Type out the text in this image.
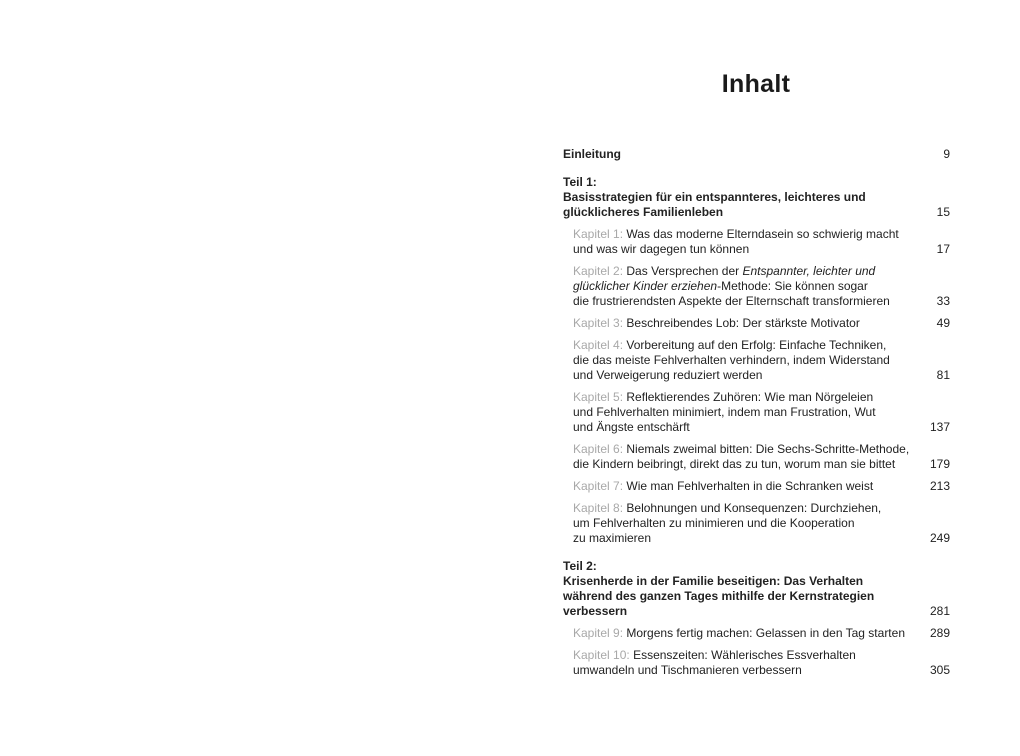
Inhalt
Einleitung	9
Teil 1:
Basisstrategien für ein entspannteres, leichteres und
glücklicheres Familienleben	15
Kapitel 1: Was das moderne Elterndasein so schwierig macht
und was wir dagegen tun können	17
Kapitel 2: Das Versprechen der Entspannter, leichter und
glücklicher Kinder erziehen-Methode: Sie können sogar
die frustrierendsten Aspekte der Elternschaft transformieren	33
Kapitel 3: Beschreibendes Lob: Der stärkste Motivator	49
Kapitel 4: Vorbereitung auf den Erfolg: Einfache Techniken,
die das meiste Fehlverhalten verhindern, indem Widerstand
und Verweigerung reduziert werden	81
Kapitel 5: Reflektierendes Zuhören: Wie man Nörgeleien
und Fehlverhalten minimiert, indem man Frustration, Wut
und Ängste entschärft	137
Kapitel 6: Niemals zweimal bitten: Die Sechs-Schritte-Methode,
die Kindern beibringt, direkt das zu tun, worum man sie bittet	179
Kapitel 7: Wie man Fehlverhalten in die Schranken weist	213
Kapitel 8: Belohnungen und Konsequenzen: Durchziehen,
um Fehlverhalten zu minimieren und die Kooperation
zu maximieren	249
Teil 2:
Krisenherde in der Familie beseitigen: Das Verhalten
während des ganzen Tages mithilfe der Kernstrategien
verbessern	281
Kapitel 9: Morgens fertig machen: Gelassen in den Tag starten	289
Kapitel 10: Essenszeiten: Wählerisches Essverhalten
umwandeln und Tischmanieren verbessern	305
